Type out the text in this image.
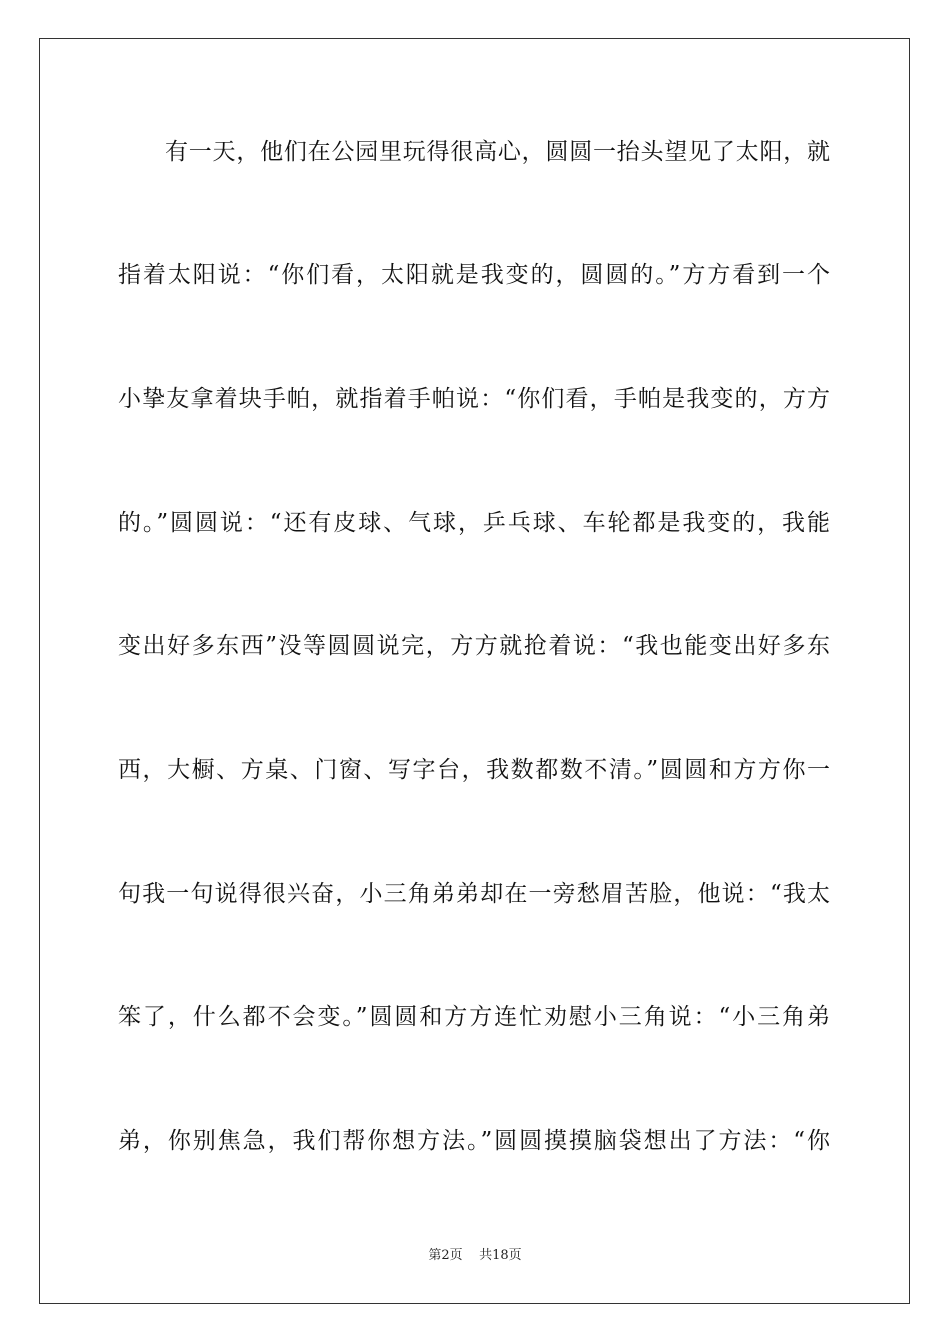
有一天，他们在公园里玩得很高心，圆圆一抬头望见了太阳，就
指着太阳说：“你们看，太阳就是我变的，圆圆的。”方方看到一个
小挚友拿着块手帕，就指着手帕说：“你们看，手帕是我变的，方方
的。”圆圆说：“还有皮球、气球，乒乓球、车轮都是我变的，我能
变出好多东西”没等圆圆说完，方方就抢着说：“我也能变出好多东
西，大橱、方桌、门窗、写字台，我数都数不清。”圆圆和方方你一
句我一句说得很兴奋，小三角弟弟却在一旁愁眉苦脸，他说：“我太
笨了，什么都不会变。”圆圆和方方连忙劝慰小三角说：“小三角弟
弟，你别焦急，我们帮你想方法。”圆圆摸摸脑袋想出了方法：“你
第2页 共18页
